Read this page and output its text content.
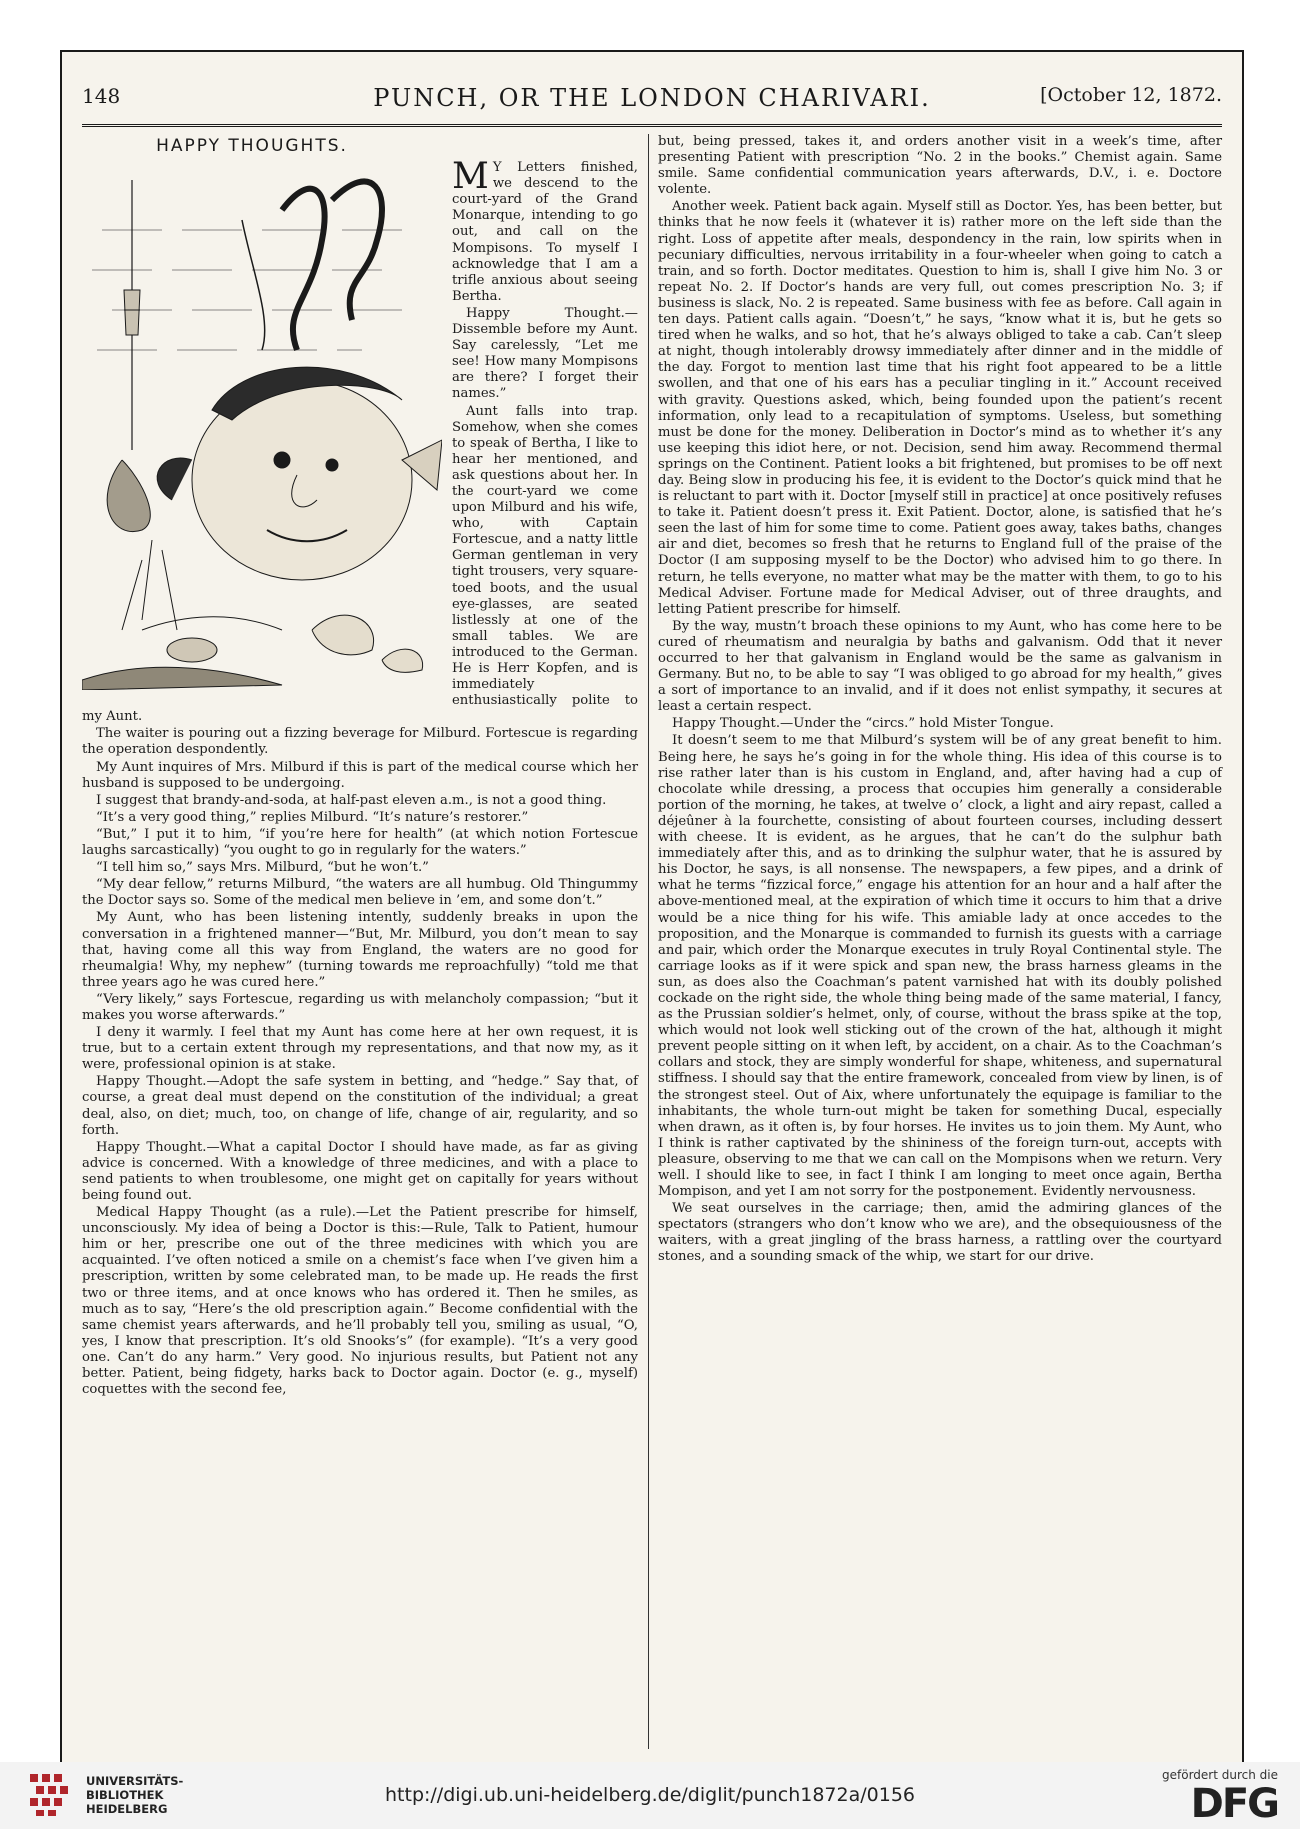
148	PUNCH, OR THE LONDON CHARIVARI.	[October 12, 1872.
HAPPY THOUGHTS.
M Y Letters finished, we descend to the court-yard of the Grand Monarque, intending to go out, and call on the Mompisons. To myself I acknowledge that I am a trifle anxious about seeing Bertha.

Happy Thought.—Dissemble before my Aunt. Say carelessly, “Let me see! How many Mompisons are there? I forget their names.”

Aunt falls into trap. Somehow, when she comes to speak of Bertha, I like to hear her mentioned, and ask questions about her. In the court-yard we come upon Milburd and his wife, who, with Captain Fortescue, and a natty little German gentleman in very tight trousers, very square-toed boots, and the usual eye-glasses, are seated listlessly at one of the small tables. We are introduced to the German. He is Herr Kopfen, and is immediately enthusiastically polite to my Aunt.

The waiter is pouring out a fizzing beverage for Milburd. Fortescue is regarding the operation despondently.

My Aunt inquires of Mrs. Milburd if this is part of the medical course which her husband is supposed to be undergoing.

I suggest that brandy-and-soda, at half-past eleven a.m., is not a good thing.

“It’s a very good thing,” replies Milburd. “It’s nature’s restorer.”

“But,” I put it to him, “if you’re here for health” (at which notion Fortescue laughs sarcastically) “you ought to go in regularly for the waters.”

“I tell him so,” says Mrs. Milburd, “but he won’t.”

“My dear fellow,” returns Milburd, “the waters are all humbug. Old Thingummy the Doctor says so. Some of the medical men believe in ’em, and some don’t.”

My Aunt, who has been listening intently, suddenly breaks in upon the conversation in a frightened manner—“But, Mr. Milburd, you don’t mean to say that, having come all this way from England, the waters are no good for rheumalgia! Why, my nephew” (turning towards me reproachfully) “told me that three years ago he was cured here.”

“Very likely,” says Fortescue, regarding us with melancholy compassion; “but it makes you worse afterwards.”

I deny it warmly. I feel that my Aunt has come here at her own request, it is true, but to a certain extent through my representations, and that now my, as it were, professional opinion is at stake.

Happy Thought.—Adopt the safe system in betting, and “hedge.” Say that, of course, a great deal must depend on the constitution of the individual; a great deal, also, on diet; much, too, on change of life, change of air, regularity, and so forth.

Happy Thought.—What a capital Doctor I should have made, as far as giving advice is concerned. With a knowledge of three medicines, and with a place to send patients to when troublesome, one might get on capitally for years without being found out.

Medical Happy Thought (as a rule).—Let the Patient prescribe for himself, unconsciously. My idea of being a Doctor is this:—Rule, Talk to Patient, humour him or her, prescribe one out of the three medicines with which you are acquainted. I’ve often noticed a smile on a chemist’s face when I’ve given him a prescription, written by some celebrated man, to be made up. He reads the first two or three items, and at once knows who has ordered it. Then he smiles, as much as to say, “Here’s the old prescription again.” Become confidential with the same chemist years afterwards, and he’ll probably tell you, smiling as usual, “O, yes, I know that prescription. It’s old Snooks’s” (for example). “It’s a very good one. Can’t do any harm.” Very good. No injurious results, but Patient not any better. Patient, being fidgety, harks back to Doctor again. Doctor (e. g., myself) coquettes with the second fee,

but, being pressed, takes it, and orders another visit in a week’s time, after presenting Patient with prescription “No. 2 in the books.” Chemist again. Same smile. Same confidential communication years afterwards, D.V., i. e. Doctore volente.

Another week. Patient back again. Myself still as Doctor. Yes, has been better, but thinks that he now feels it (whatever it is) rather more on the left side than the right. Loss of appetite after meals, despondency in the rain, low spirits when in pecuniary difficulties, nervous irritability in a four-wheeler when going to catch a train, and so forth. Doctor meditates. Question to him is, shall I give him No. 3 or repeat No. 2. If Doctor’s hands are very full, out comes prescription No. 3; if business is slack, No. 2 is repeated. Same business with fee as before. Call again in ten days. Patient calls again. “Doesn’t,” he says, “know what it is, but he gets so tired when he walks, and so hot, that he’s always obliged to take a cab. Can’t sleep at night, though intolerably drowsy immediately after dinner and in the middle of the day. Forgot to mention last time that his right foot appeared to be a little swollen, and that one of his ears has a peculiar tingling in it.” Account received with gravity. Questions asked, which, being founded upon the patient’s recent information, only lead to a recapitulation of symptoms. Useless, but something must be done for the money. Deliberation in Doctor’s mind as to whether it’s any use keeping this idiot here, or not. Decision, send him away. Recommend thermal springs on the Continent. Patient looks a bit frightened, but promises to be off next day. Being slow in producing his fee, it is evident to the Doctor’s quick mind that he is reluctant to part with it. Doctor [myself still in practice] at once positively refuses to take it. Patient doesn’t press it. Exit Patient. Doctor, alone, is satisfied that he’s seen the last of him for some time to come. Patient goes away, takes baths, changes air and diet, becomes so fresh that he returns to England full of the praise of the Doctor (I am supposing myself to be the Doctor) who advised him to go there. In return, he tells everyone, no matter what may be the matter with them, to go to his Medical Adviser. Fortune made for Medical Adviser, out of three draughts, and letting Patient prescribe for himself.

By the way, mustn’t broach these opinions to my Aunt, who has come here to be cured of rheumatism and neuralgia by baths and galvanism. Odd that it never occurred to her that galvanism in England would be the same as galvanism in Germany. But no, to be able to say “I was obliged to go abroad for my health,” gives a sort of importance to an invalid, and if it does not enlist sympathy, it secures at least a certain respect.

Happy Thought.—Under the “circs.” hold Mister Tongue.

It doesn’t seem to me that Milburd’s system will be of any great benefit to him. Being here, he says he’s going in for the whole thing. His idea of this course is to rise rather later than is his custom in England, and, after having had a cup of chocolate while dressing, a process that occupies him generally a considerable portion of the morning, he takes, at twelve o’ clock, a light and airy repast, called a déjeûner à la fourchette, consisting of about fourteen courses, including dessert with cheese. It is evident, as he argues, that he can’t do the sulphur bath immediately after this, and as to drinking the sulphur water, that he is assured by his Doctor, he says, is all nonsense. The newspapers, a few pipes, and a drink of what he terms “fizzical force,” engage his attention for an hour and a half after the above-mentioned meal, at the expiration of which time it occurs to him that a drive would be a nice thing for his wife. This amiable lady at once accedes to the proposition, and the Monarque is commanded to furnish its guests with a carriage and pair, which order the Monarque executes in truly Royal Continental style. The carriage looks as if it were spick and span new, the brass harness gleams in the sun, as does also the Coachman’s patent varnished hat with its doubly polished cockade on the right side, the whole thing being made of the same material, I fancy, as the Prussian soldier’s helmet, only, of course, without the brass spike at the top, which would not look well sticking out of the crown of the hat, although it might prevent people sitting on it when left, by accident, on a chair. As to the Coachman’s collars and stock, they are simply wonderful for shape, whiteness, and supernatural stiffness. I should say that the entire framework, concealed from view by linen, is of the strongest steel. Out of Aix, where unfortunately the equipage is familiar to the inhabitants, the whole turn-out might be taken for something Ducal, especially when drawn, as it often is, by four horses. He invites us to join them. My Aunt, who I think is rather captivated by the shininess of the foreign turn-out, accepts with pleasure, observing to me that we can call on the Mompisons when we return. Very well. I should like to see, in fact I think I am longing to meet once again, Bertha Mompison, and yet I am not sorry for the postponement. Evidently nervousness.

We seat ourselves in the carriage; then, amid the admiring glances of the spectators (strangers who don’t know who we are), and the obsequiousness of the waiters, with a great jingling of the brass harness, a rattling over the courtyard stones, and a sounding smack of the whip, we start for our drive.

UNIVERSITÄTS-
BIBLIOTHEK
HEIDELBERG
http://digi.ub.uni-heidelberg.de/diglit/punch1872a/0156
gefördert durch die
DFG
